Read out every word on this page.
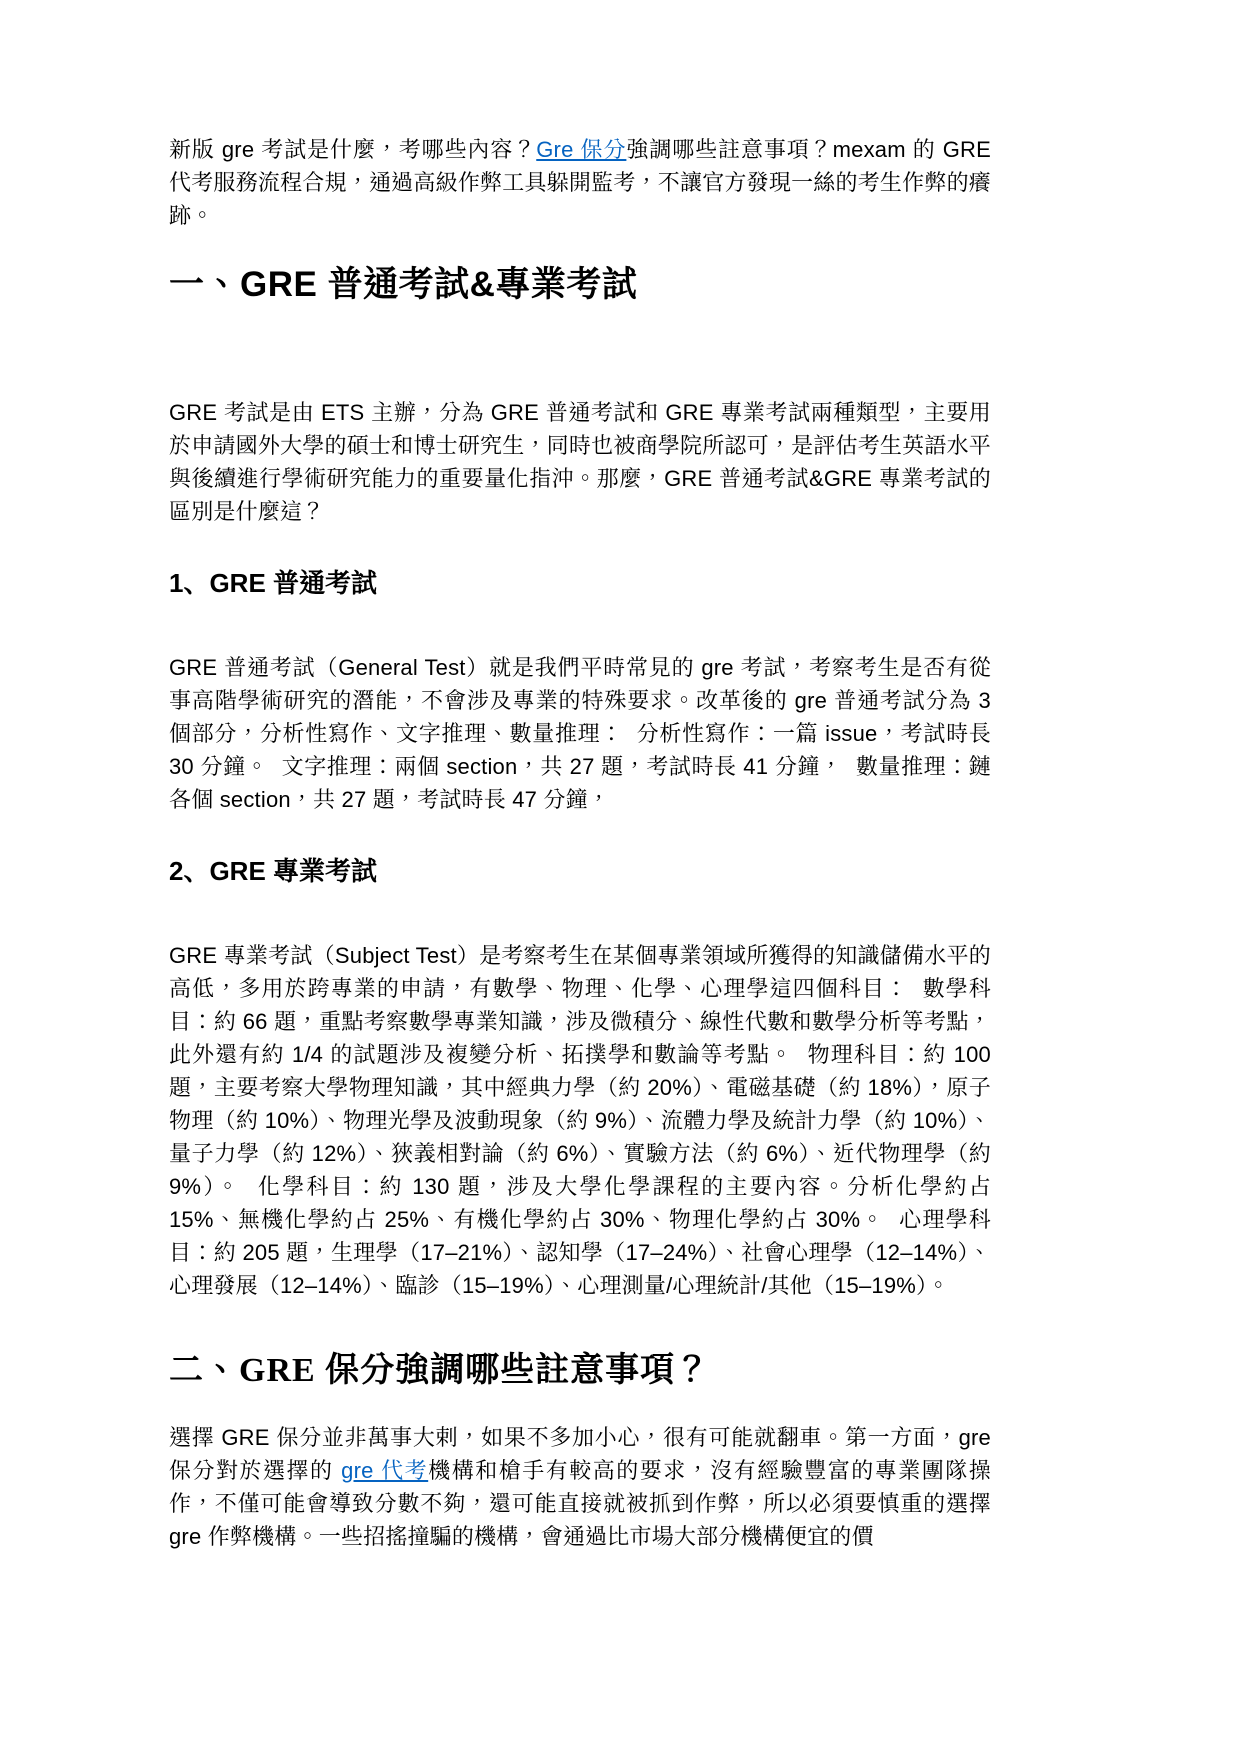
新版 gre 考試是什麼，考哪些內容？Gre 保分強調哪些註意事項？mexam 的 GRE 代考服務流程合規，通過高級作弊工具躲開監考，不讓官方發現一絲的考生作弊的癢跡。

一、GRE 普通考試&專業考試

GRE 考試是由 ETS 主辦，分為 GRE 普通考試和 GRE 專業考試兩種類型，主要用於申請國外大學的碩士和博士研究生，同時也被商學院所認可，是評估考生英語水平與後續進行學術研究能力的重要量化指沖。那麼，GRE 普通考試&GRE 專業考試的區別是什麼這？

1、GRE 普通考試

GRE 普通考試（General Test）就是我們平時常見的 gre 考試，考察考生是否有從事高階學術研究的潛能，不會涉及專業的特殊要求。改革後的 gre 普通考試分為 3 個部分，分析性寫作、文字推理、數量推理：  分析性寫作：一篇 issue，考試時長 30 分鐘。  文字推理：兩個 section，共 27 題，考試時長 41 分鐘，  數量推理：鏈各個 section，共 27 題，考試時長 47 分鐘，

2、GRE 專業考試

GRE 專業考試（Subject Test）是考察考生在某個專業領域所獲得的知識儲備水平的高低，多用於跨專業的申請，有數學、物理、化學、心理學這四個科目：  數學科目：約 66 題，重點考察數學專業知識，涉及微積分、線性代數和數學分析等考點，此外還有約 1/4 的試題涉及複變分析、拓撲學和數論等考點。  物理科目：約 100 題，主要考察大學物理知識，其中經典力學（約 20%）、電磁基礎（約 18%），原子物理（約 10%）、物理光學及波動現象（約 9%）、流體力學及統計力學（約 10%）、量子力學（約 12%）、狹義相對論（約 6%）、實驗方法（約 6%）、近代物理學（約 9%）。  化學科目：約 130 題，涉及大學化學課程的主要內容。分析化學約占 15%、無機化學約占 25%、有機化學約占 30%、物理化學約占 30%。  心理學科目：約 205 題，生理學（17–21%）、認知學（17–24%）、社會心理學（12–14%）、心理發展（12–14%）、臨診（15–19%）、心理測量/心理統計/其他（15–19%）。

二、GRE 保分強調哪些註意事項？

選擇 GRE 保分並非萬事大剌，如果不多加小心，很有可能就翻車。第一方面，gre 保分對於選擇的 gre 代考機構和槍手有較高的要求，沒有經驗豐富的專業團隊操作，不僅可能會導致分數不夠，還可能直接就被抓到作弊，所以必須要慎重的選擇 gre 作弊機構。一些招搖撞騙的機構，會通過比市場大部分機構便宜的價
